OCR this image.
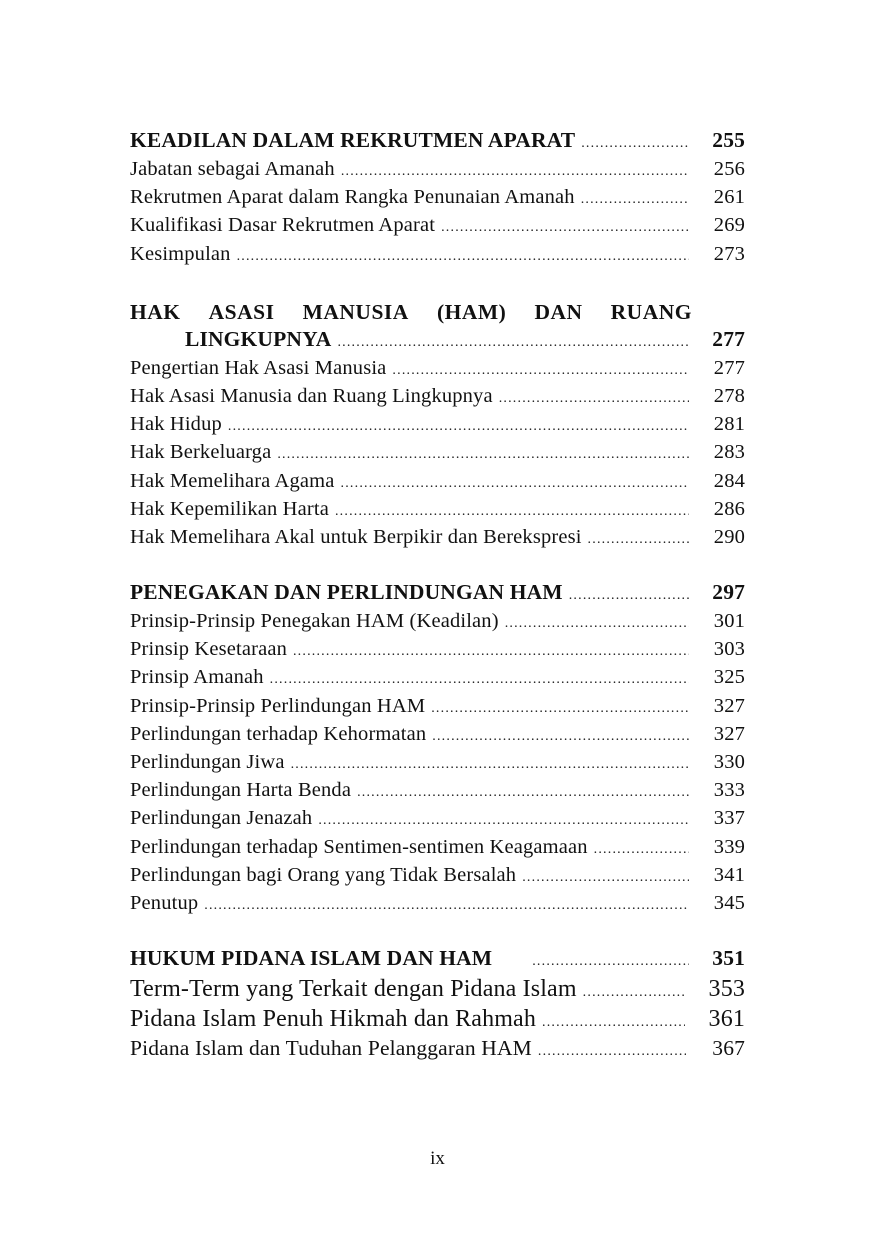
KEADILAN DALAM REKRUTMEN APARAT .....	255
Jabatan sebagai Amanah .....	256
Rekrutmen Aparat dalam Rangka Penunaian Amanah .....	261
Kualifikasi Dasar Rekrutmen Aparat .....	269
Kesimpulan .....	273
HAK ASASI MANUSIA (HAM) DAN RUANG
LINGKUPNYA .....	277
Pengertian Hak Asasi Manusia .....	277
Hak Asasi Manusia dan Ruang Lingkupnya .....	278
Hak Hidup .....	281
Hak Berkeluarga .....	283
Hak Memelihara Agama .....	284
Hak Kepemilikan Harta .....	286
Hak Memelihara Akal untuk Berpikir dan Berekspresi .....	290
PENEGAKAN DAN PERLINDUNGAN HAM .....	297
Prinsip-Prinsip Penegakan HAM (Keadilan) .....	301
Prinsip Kesetaraan .....	303
Prinsip Amanah .....	325
Prinsip-Prinsip Perlindungan HAM .....	327
Perlindungan terhadap Kehormatan .....	327
Perlindungan Jiwa .....	330
Perlindungan Harta Benda .....	333
Perlindungan Jenazah .....	337
Perlindungan terhadap Sentimen-sentimen Keagamaan .....	339
Perlindungan bagi Orang yang Tidak Bersalah .....	341
Penutup .....	345
HUKUM PIDANA ISLAM DAN HAM .....	351
Term-Term yang Terkait dengan Pidana Islam .....	353
Pidana Islam Penuh Hikmah dan Rahmah .....	361
Pidana Islam dan Tuduhan Pelanggaran HAM .....	367
ix
